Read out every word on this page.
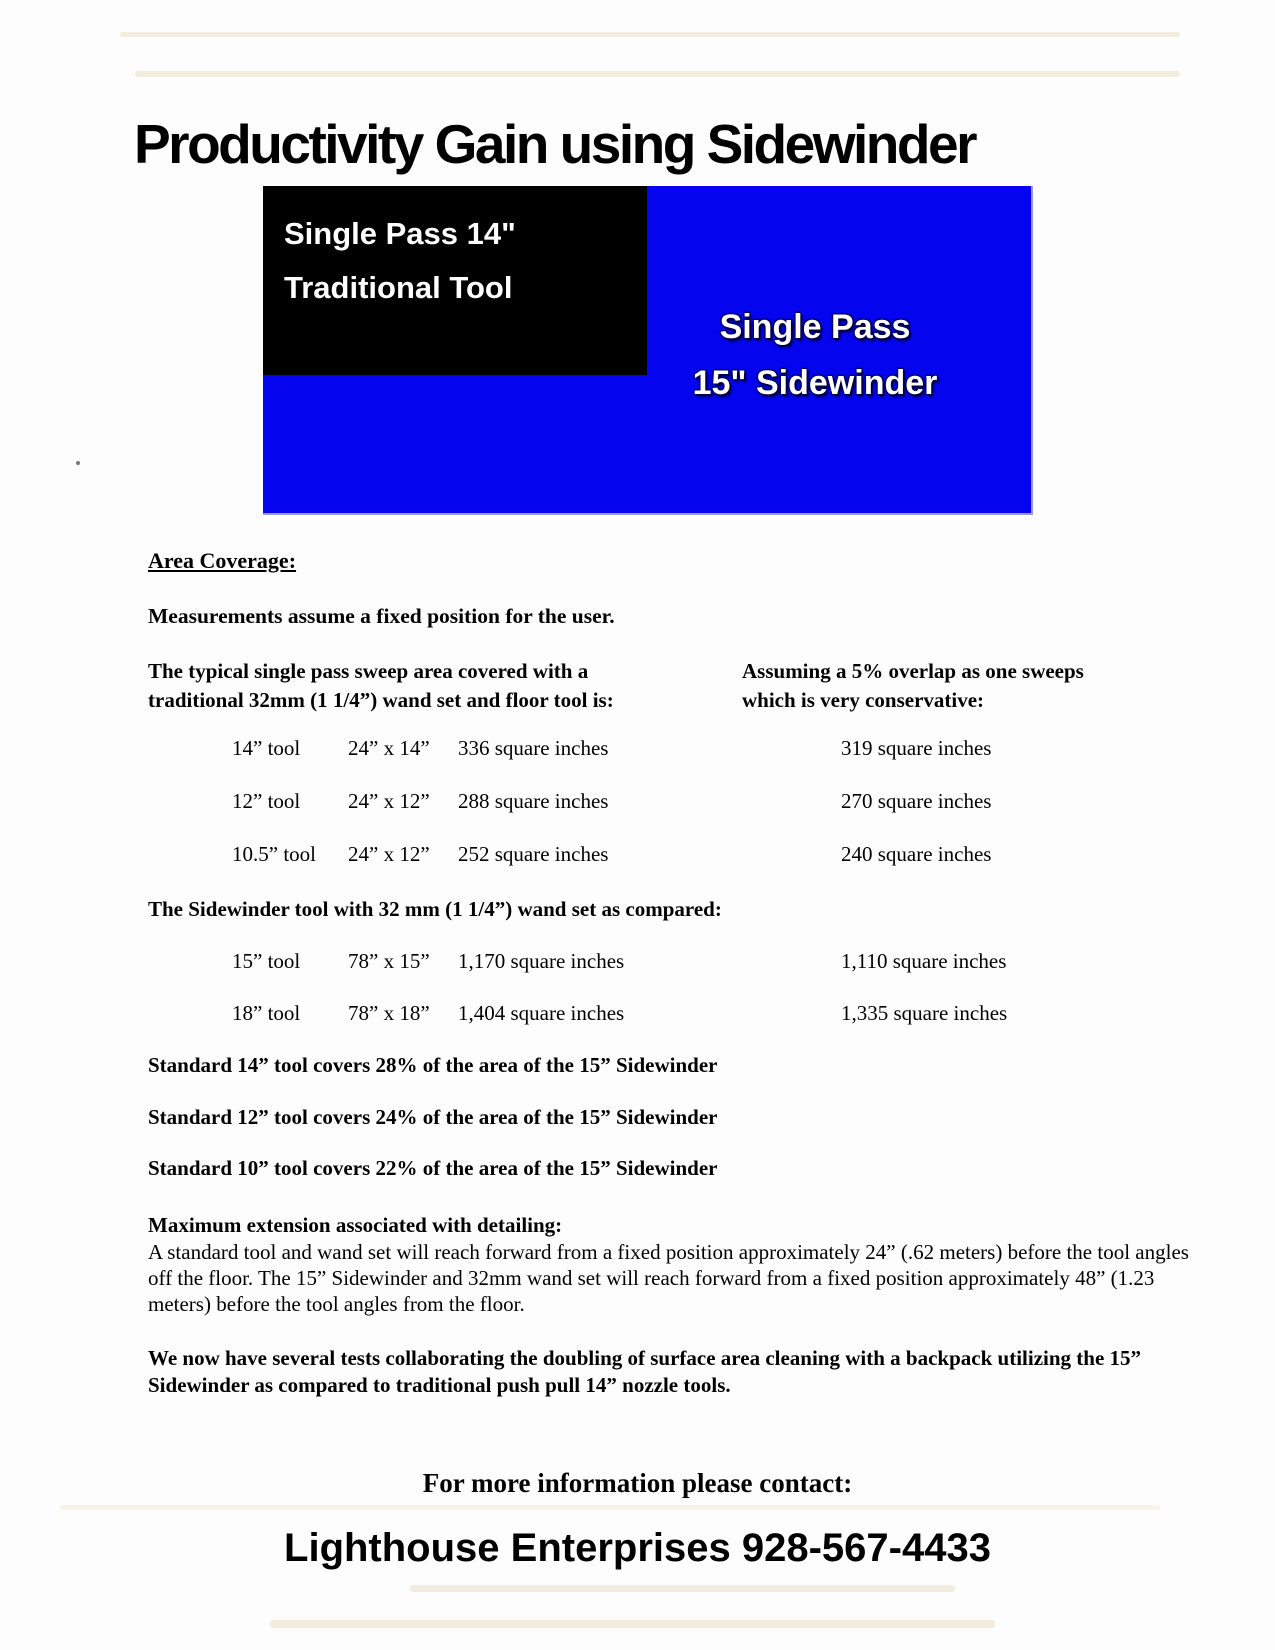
Productivity Gain using Sidewinder
Single Pass 14"
Traditional Tool
Single Pass
15" Sidewinder
Area Coverage:
Measurements assume a fixed position for the user.
The typical single pass sweep area covered with a
traditional 32mm (1 1/4”) wand set and floor tool is:
Assuming a 5% overlap as one sweeps
which is very conservative:
14” tool 24” x 14” 336 square inches	319 square inches
12” tool 24” x 12” 288 square inches	270 square inches
10.5” tool 24” x 12” 252 square inches	240 square inches
The Sidewinder tool with 32 mm (1 1/4”) wand set as compared:
15” tool 78” x 15” 1,170 square inches	1,110 square inches
18” tool 78” x 18” 1,404 square inches	1,335 square inches
Standard 14” tool covers 28% of the area of the 15” Sidewinder
Standard 12” tool covers 24% of the area of the 15” Sidewinder
Standard 10” tool covers 22% of the area of the 15” Sidewinder
Maximum extension associated with detailing:
A standard tool and wand set will reach forward from a fixed position approximately 24” (.62 meters) before the tool angles off the floor. The 15” Sidewinder and 32mm wand set will reach forward from a fixed position approximately 48” (1.23 meters) before the tool angles from the floor.
We now have several tests collaborating the doubling of surface area cleaning with a backpack utilizing the 15” Sidewinder as compared to traditional push pull 14” nozzle tools.
For more information please contact:
Lighthouse Enterprises 928-567-4433
